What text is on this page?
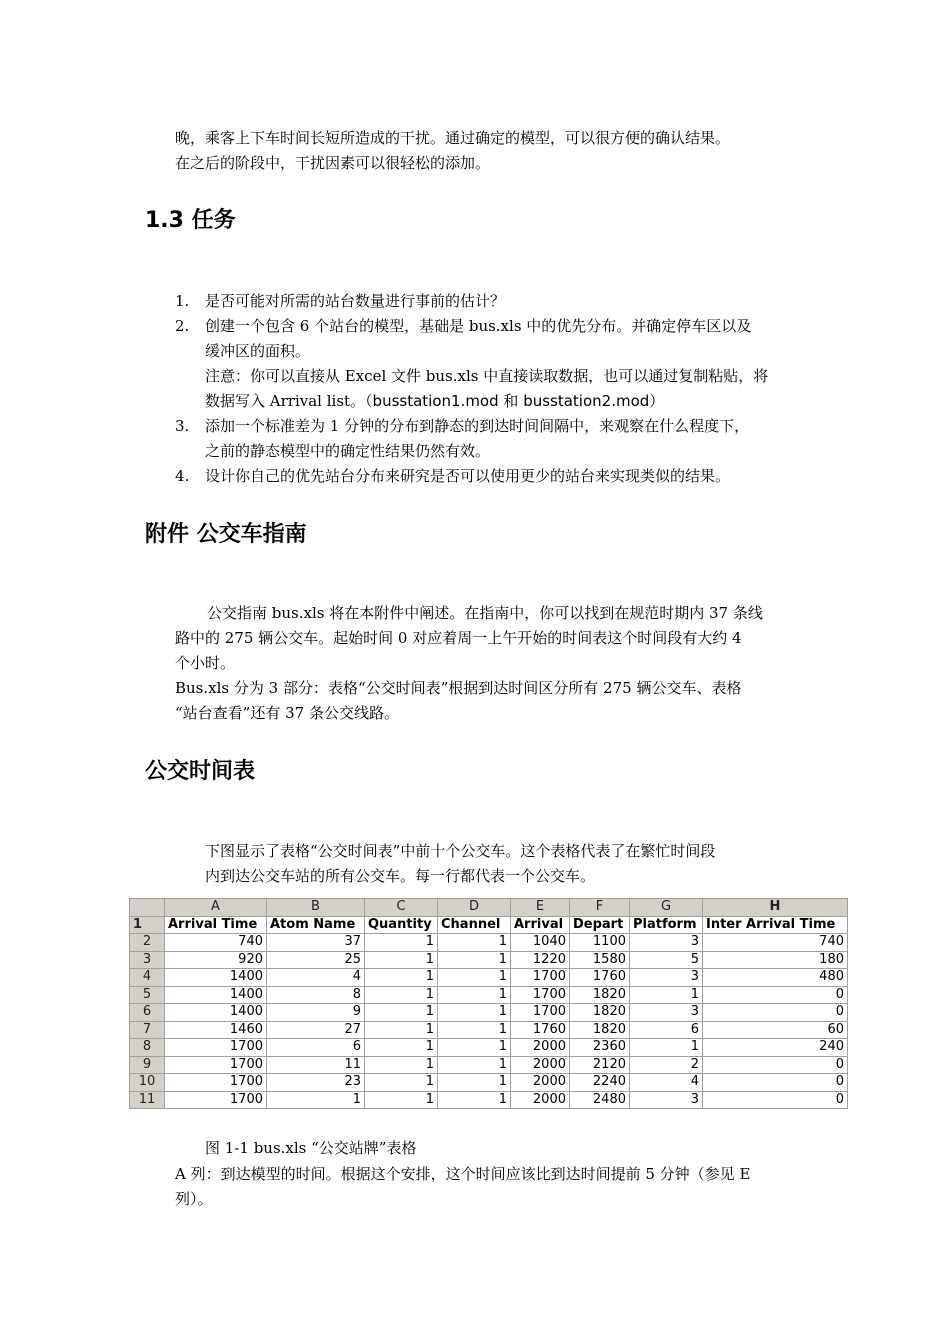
晚，乘客上下车时间长短所造成的干扰。通过确定的模型，可以很方便的确认结果。
在之后的阶段中，干扰因素可以很轻松的添加。
1.3 任务
1. 是否可能对所需的站台数量进行事前的估计？
2. 创建一个包含 6 个站台的模型，基础是 bus.xls 中的优先分布。并确定停车区以及
缓冲区的面积。
注意：你可以直接从 Excel 文件 bus.xls 中直接读取数据，也可以通过复制粘贴，将
数据写入 Arrival list。（busstation1.mod 和 busstation2.mod）
3. 添加一个标准差为 1 分钟的分布到静态的到达时间间隔中，来观察在什么程度下，
之前的静态模型中的确定性结果仍然有效。
4. 设计你自己的优先站台分布来研究是否可以使用更少的站台来实现类似的结果。
附件 公交车指南
公交指南 bus.xls 将在本附件中阐述。在指南中，你可以找到在规范时期内 37 条线
路中的 275 辆公交车。起始时间 0 对应着周一上午开始的时间表这个时间段有大约 4
个小时。
Bus.xls 分为 3 部分：表格“公交时间表”根据到达时间区分所有 275 辆公交车、表格
“站台查看”还有 37 条公交线路。
公交时间表
下图显示了表格“公交时间表”中前十个公交车。这个表格代表了在繁忙时间段
内到达公交车站的所有公交车。每一行都代表一个公交车。
	A	B	C	D	E	F	G	H
1	Arrival Time	Atom Name	Quantity	Channel	Arrival	Depart	Platform	Inter Arrival Time
2	740	37	1	1	1040	1100	3	740
3	920	25	1	1	1220	1580	5	180
4	1400	4	1	1	1700	1760	3	480
5	1400	8	1	1	1700	1820	1	0
6	1400	9	1	1	1700	1820	3	0
7	1460	27	1	1	1760	1820	6	60
8	1700	6	1	1	2000	2360	1	240
9	1700	11	1	1	2000	2120	2	0
10	1700	23	1	1	2000	2240	4	0
11	1700	1	1	1	2000	2480	3	0
图 1-1 bus.xls “公交站牌”表格
A 列：到达模型的时间。根据这个安排，这个时间应该比到达时间提前 5 分钟（参见 E
列）。
